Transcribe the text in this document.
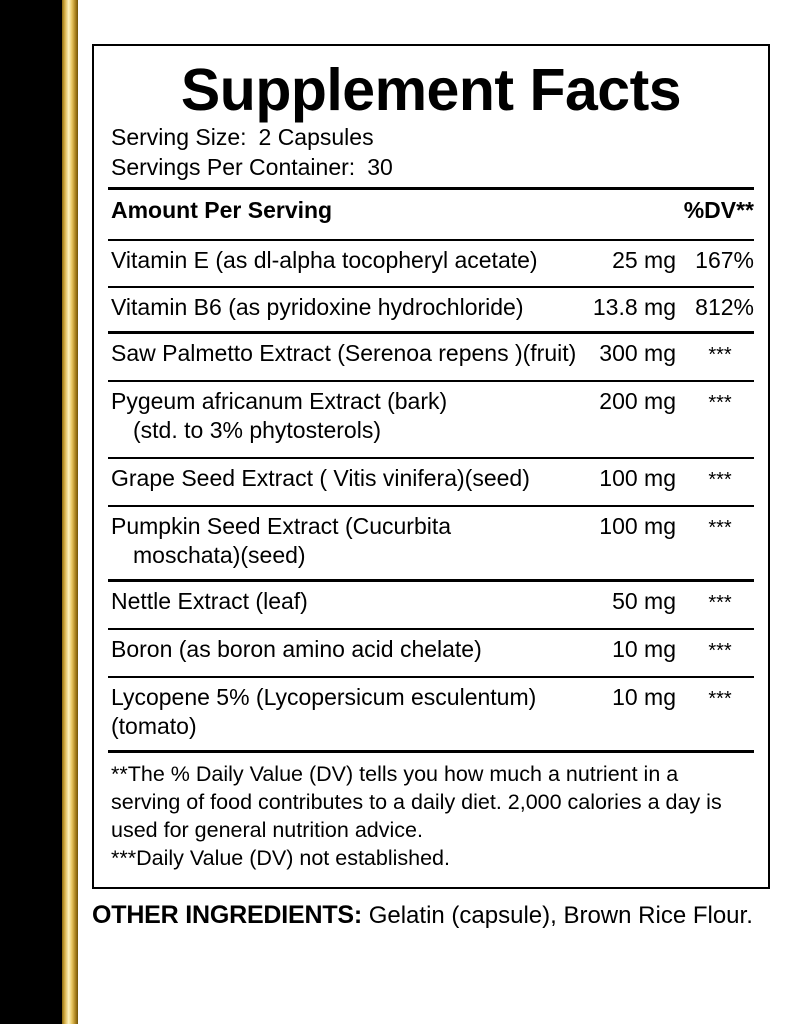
Supplement Facts
Serving Size: 2 Capsules
Servings Per Container: 30
Amount Per Serving	%DV**
Vitamin E (as dl-alpha tocopheryl acetate)	25 mg 167%
Vitamin B6 (as pyridoxine hydrochloride)	13.8 mg 812%
Saw Palmetto Extract (Serenoa repens )(fruit) 300 mg	***
Pygeum africanum Extract (bark)
(std. to 3% phytosterols)
200 mg	***
Grape Seed Extract ( Vitis vinifera)(seed)	100 mg	***
Pumpkin Seed Extract (Cucurbita
moschata)(seed)
100 mg	***
Nettle Extract (leaf)	50 mg	***
Boron (as boron amino acid chelate)	10 mg	***
Lycopene 5% (Lycopersicum esculentum)(tomato)
10 mg	***

**The % Daily Value (DV) tells you how much a nutrient in a serving of food contributes to a daily diet. 2,000 calories a day is used for general nutrition advice.

***Daily Value (DV) not established.

OTHER INGREDIENTS: Gelatin (capsule), Brown Rice Flour.
